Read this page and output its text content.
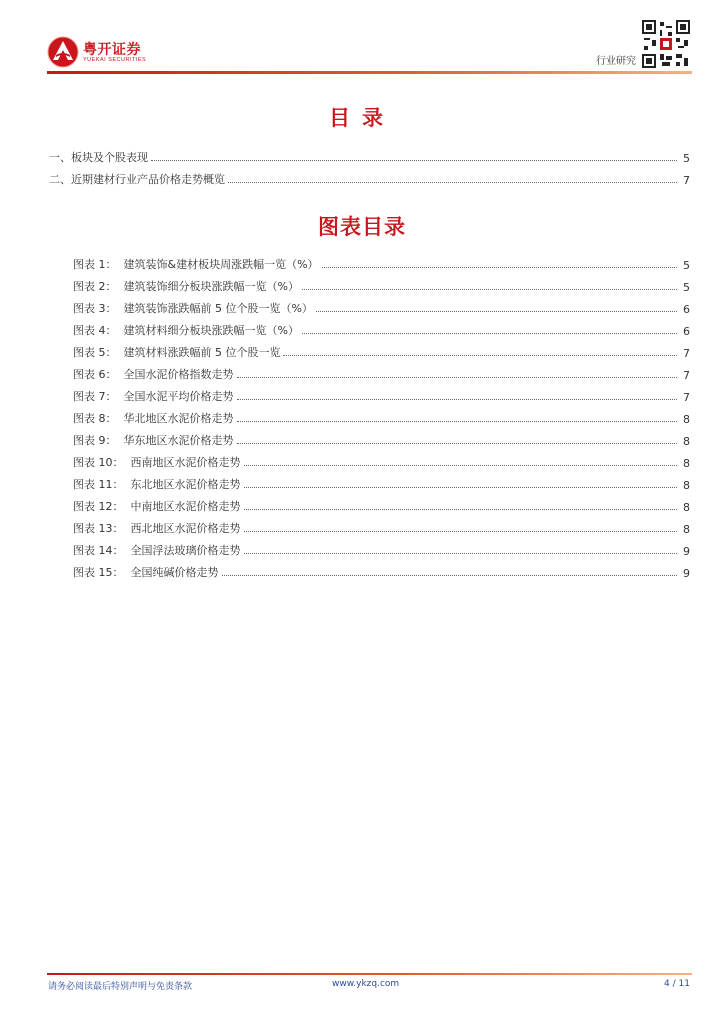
粤开证券
YUEKAI SECURITIES	行业研究
目录
一、板块及个股表现	5
二、近期建材行业产品价格走势概览	7
图表目录
图表 1：  建筑装饰&建材板块周涨跌幅一览（%）	5
图表 2：  建筑装饰细分板块涨跌幅一览（%）	5
图表 3：  建筑装饰涨跌幅前 5 位个股一览（%）	6
图表 4：  建筑材料细分板块涨跌幅一览（%）	6
图表 5：  建筑材料涨跌幅前 5 位个股一览	7
图表 6：  全国水泥价格指数走势	7
图表 7：  全国水泥平均价格走势	7
图表 8：  华北地区水泥价格走势	8
图表 9：  华东地区水泥价格走势	8
图表 10：  西南地区水泥价格走势	8
图表 11：  东北地区水泥价格走势	8
图表 12：  中南地区水泥价格走势	8
图表 13：  西北地区水泥价格走势	8
图表 14：  全国浮法玻璃价格走势	9
图表 15：  全国纯碱价格走势	9
请务必阅读最后特别声明与免责条款	www.ykzq.com	4 / 11
